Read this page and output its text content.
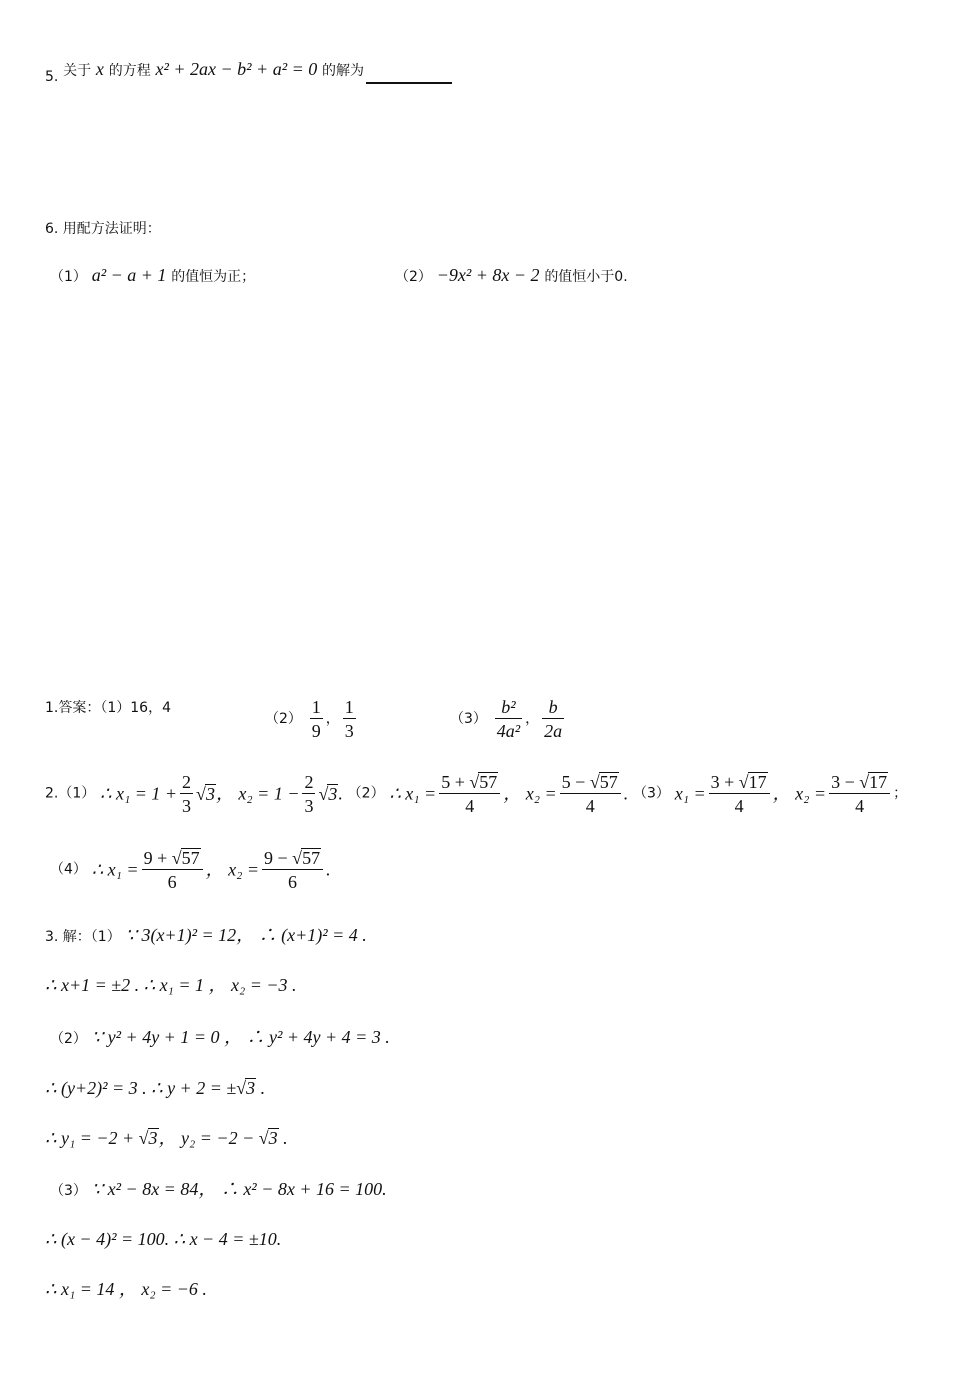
5. 关于 x 的方程 x² + 2ax − b² + a² = 0 的解为
6. 用配方法证明：
（1） a² − a + 1 的值恒为正；	（2） −9x² + 8x − 2 的值恒小于0.
1.答案：（1）16，4
$(2) \frac{1}{9}$ ， $\frac{1}{3}$	$(3) \frac{\text{b²}}{\text{4a²}}$ ， $\frac{b}{2a}$
2.（1） ∴ $x_1 = 1 + \frac{2}{3} √3$， $x_2 = 1 - \frac{2}{3} √3$. （2） ∴ $x_1 = \frac{5 + √57}{4}$ ， $x_2 = \frac{5 - √57}{4}$ . （3） $x_1 = \frac{3 + √17}{4}$ ， $x_2 = \frac{3 - √17}{4}$ ；
（4） ∴ $x_1 = \frac{9 + √57}{6}$ ， $x_2 = \frac{9 - √57}{6}$ .
3. 解：（1） ∵ 3(x+1)² = 12， ∴ (x+1)² = 4 .
∴ x+1 = ±2 . ∴ x₁ = 1 ， x₂ = −3 .
（2） ∵ y² + 4y + 1 = 0 ， ∴ y² + 4y + 4 = 3 .
∴ (y+2)² = 3 . ∴ y + 2 = ±√3 .
∴ y₁ = −2 + √3， y₂ = −2 − √3 .
（3） ∵ x² − 8x = 84， ∴ x² − 8x + 16 = 100.
∴ (x − 4)² = 100. ∴ x − 4 = ±10.
∴ x₁ = 14 ， x₂ = −6 .
